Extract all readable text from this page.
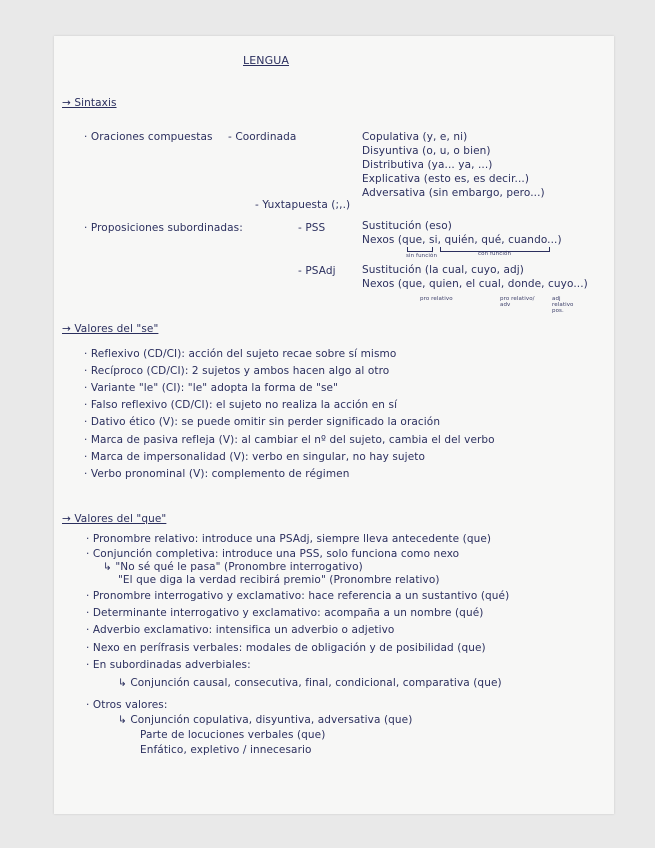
LENGUA
→ Sintaxis
· Oraciones compuestas - Coordinada	Copulativa (y, e, ni)
Disyuntiva (o, u, o bien)
Distributiva (ya... ya, ...)
Explicativa (esto es, es decir...)
Adversativa (sin embargo, pero...)
- Yuxtapuesta (;,.)
· Proposiciones subordinadas:	- PSS	Sustitución (eso)
Nexos (que, si, quién, qué, cuando...)
sin función	con función
- PSAdj	Sustitución (la cual, cuyo, adj)
Nexos (que, quien, el cual, donde, cuyo...)
pro relativo	pro relativo/ adv
adj relativo pos.
→ Valores del "se"
· Reflexivo (CD/CI): acción del sujeto recae sobre sí mismo
· Recíproco (CD/CI): 2 sujetos y ambos hacen algo al otro
· Variante "le" (CI): "le" adopta la forma de "se"
· Falso reflexivo (CD/CI): el sujeto no realiza la acción en sí
· Dativo ético (V): se puede omitir sin perder significado la oración
· Marca de pasiva refleja (V): al cambiar el nº del sujeto, cambia el del verbo
· Marca de impersonalidad (V): verbo en singular, no hay sujeto
· Verbo pronominal (V): complemento de régimen
→ Valores del "que"
· Pronombre relativo: introduce una PSAdj, siempre lleva antecedente (que)
· Conjunción completiva: introduce una PSS, solo funciona como nexo
↳ "No sé qué le pasa" (Pronombre interrogativo)
"El que diga la verdad recibirá premio" (Pronombre relativo)
· Pronombre interrogativo y exclamativo: hace referencia a un sustantivo (qué)
· Determinante interrogativo y exclamativo: acompaña a un nombre (qué)
· Adverbio exclamativo: intensifica un adverbio o adjetivo
· Nexo en perífrasis verbales: modales de obligación y de posibilidad (que)
· En subordinadas adverbiales:
↳ Conjunción causal, consecutiva, final, condicional, comparativa (que)
· Otros valores:
↳ Conjunción copulativa, disyuntiva, adversativa (que)
Parte de locuciones verbales (que)
Enfático, expletivo / innecesario
